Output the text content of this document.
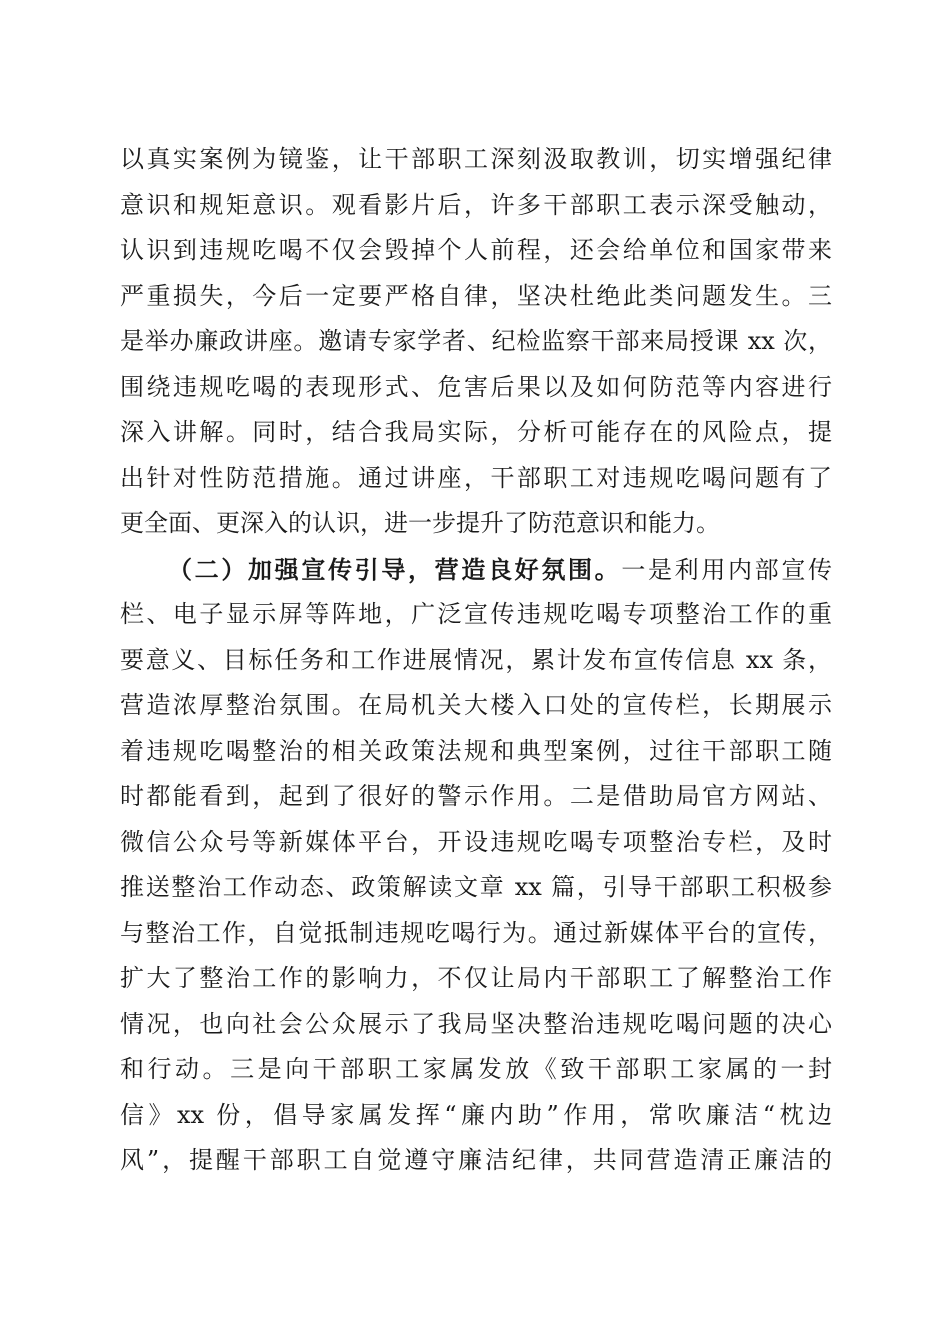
以真实案例为镜鉴，让干部职工深刻汲取教训，切实增强纪律
意识和规矩意识。观看影片后，许多干部职工表示深受触动，
认识到违规吃喝不仅会毁掉个人前程，还会给单位和国家带来
严重损失，今后一定要严格自律，坚决杜绝此类问题发生。三
是举办廉政讲座。邀请专家学者、纪检监察干部来局授课 xx 次，
围绕违规吃喝的表现形式、危害后果以及如何防范等内容进行
深入讲解。同时，结合我局实际，分析可能存在的风险点，提
出针对性防范措施。通过讲座，干部职工对违规吃喝问题有了
更全面、更深入的认识，进一步提升了防范意识和能力。
（二）加强宣传引导，营造良好氛围。一是利用内部宣传
栏、电子显示屏等阵地，广泛宣传违规吃喝专项整治工作的重
要意义、目标任务和工作进展情况，累计发布宣传信息 xx 条，
营造浓厚整治氛围。在局机关大楼入口处的宣传栏，长期展示
着违规吃喝整治的相关政策法规和典型案例，过往干部职工随
时都能看到，起到了很好的警示作用。二是借助局官方网站、
微信公众号等新媒体平台，开设违规吃喝专项整治专栏，及时
推送整治工作动态、政策解读文章 xx 篇，引导干部职工积极参
与整治工作，自觉抵制违规吃喝行为。通过新媒体平台的宣传，
扩大了整治工作的影响力，不仅让局内干部职工了解整治工作
情况，也向社会公众展示了我局坚决整治违规吃喝问题的决心
和行动。三是向干部职工家属发放《致干部职工家属的一封
信》xx 份，倡导家属发挥“廉内助”作用，常吹廉洁“枕边
风”，提醒干部职工自觉遵守廉洁纪律，共同营造清正廉洁的
